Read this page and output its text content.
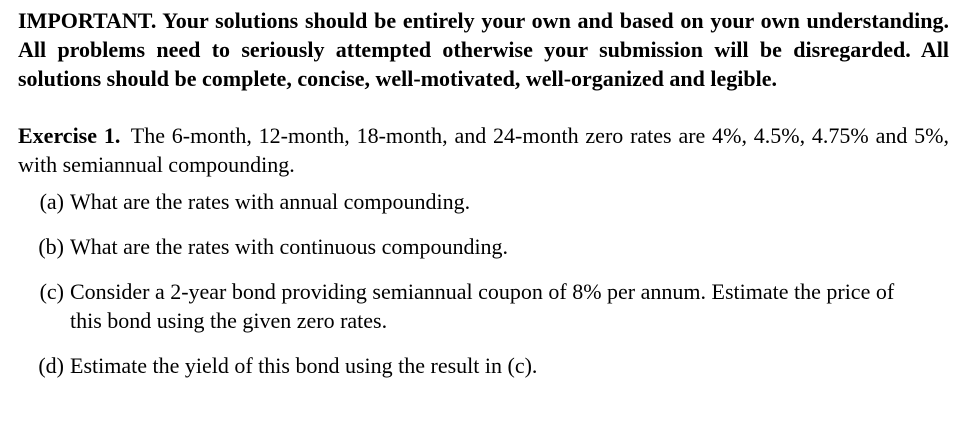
IMPORTANT. Your solutions should be entirely your own and based on your own understanding. All problems need to seriously attempted otherwise your submission will be disregarded. All solutions should be complete, concise, well-motivated, well-organized and legible.

Exercise 1. The 6-month, 12-month, 18-month, and 24-month zero rates are 4%, 4.5%, 4.75% and 5%, with semiannual compounding.
(a) What are the rates with annual compounding.
(b) What are the rates with continuous compounding.
(c) Consider a 2-year bond providing semiannual coupon of 8% per annum. Estimate the price of this bond using the given zero rates.
(d) Estimate the yield of this bond using the result in (c).
